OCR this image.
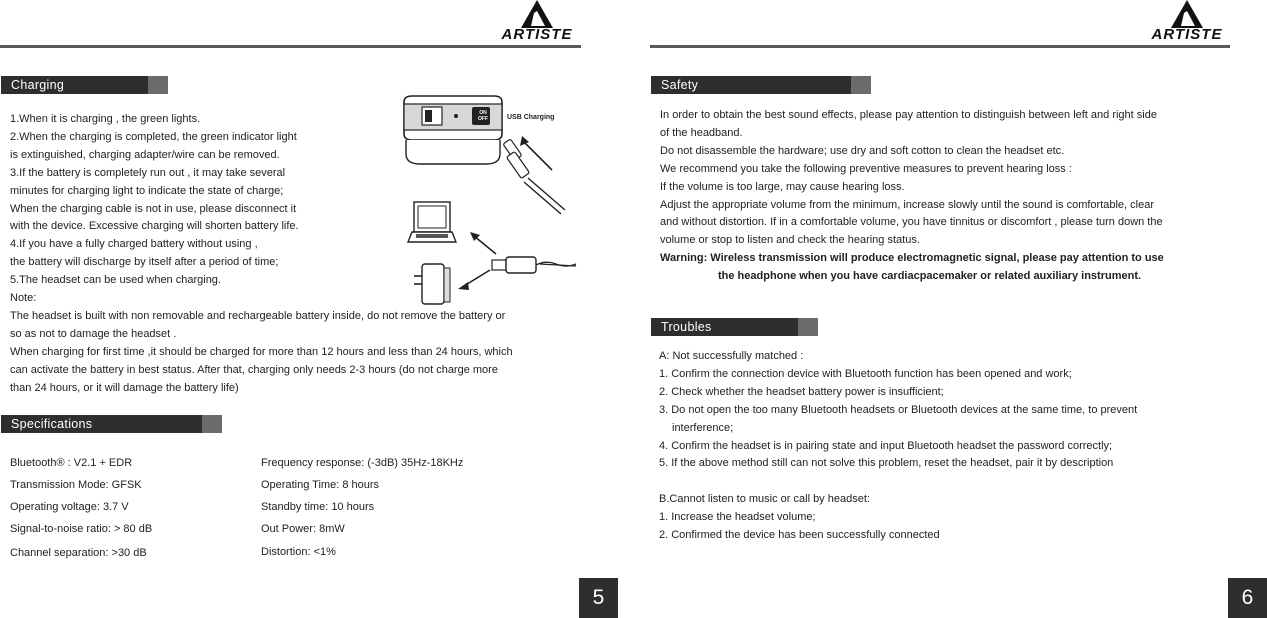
ARTISTE
Charging

1.When it is charging , the green lights.

2.When the charging is completed, the green indicator light

is extinguished, charging adapter/wire can be removed.

3.If the battery is completely run out , it may take several

minutes for charging light to indicate the state of charge;

When the charging cable is not in use, please disconnect it

with the device. Excessive charging will shorten battery life.

4.If you have a fully charged battery without using ,

the battery will discharge by itself after a period of time;

5.The headset can be used when charging.

Note:

The headset is built with non removable and rechargeable battery inside, do not remove the battery or

so as not to damage the headset .

When charging for first time ,it should be charged for more than 12 hours and less than 24 hours, which

can activate the battery in best status. After that, charging only needs 2-3 hours (do not charge more

than 24 hours, or it will damage the battery life)

USB Charging
ON
OFF
Specifications
Bluetooth® : V2.1 + EDR
Transmission Mode: GFSK
Operating voltage: 3.7 V
Signal-to-noise ratio: > 80 dB
Channel separation: >30 dB
Frequency response: (-3dB) 35Hz-18KHz
Operating Time: 8 hours
Standby time: 10 hours
Out Power: 8mW
Distortion: <1%
5
ARTISTE
Safety

In order to obtain the best sound effects, please pay attention to distinguish between left and right side

of the headband.

Do not disassemble the hardware; use dry and soft cotton to clean the headset etc.

We recommend you take the following preventive measures to prevent hearing loss :

If the volume is too large, may cause hearing loss.

Adjust the appropriate volume from the minimum, increase slowly until the sound is comfortable, clear

and without distortion. If in a comfortable volume, you have tinnitus or discomfort , please turn down the

volume or stop to listen and check the hearing status.

Warning: Wireless transmission will produce electromagnetic signal, please pay attention to use

the headphone when you have cardiacpacemaker or related auxiliary instrument.

Troubles

A: Not successfully matched :

1. Confirm the connection device with Bluetooth function has been opened and work;

2. Check whether the headset battery power is insufficient;

3. Do not open the too many Bluetooth headsets or Bluetooth devices at the same time, to prevent

interference;

4. Confirm the headset is in pairing state and input Bluetooth headset the password correctly;

5. If the above method still can not solve this problem, reset the headset, pair it by description

B.Cannot listen to music or call by headset:

1. Increase the headset volume;

2. Confirmed the device has been successfully connected

6
